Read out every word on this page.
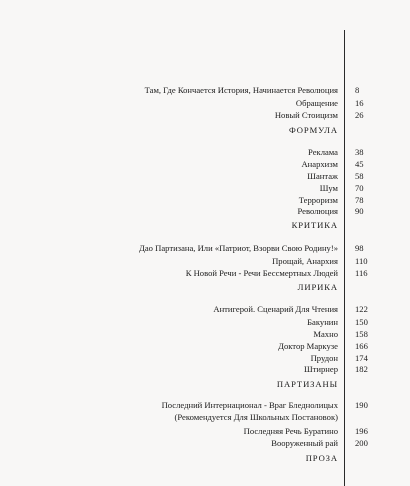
Там, Где Кончается История, Начинается Революция 8
Обращение 16
Новый Стоицизм 26
ФОРМУЛА
Реклама 38
Анархизм 45
Шантаж 58
Шум 70
Терроризм 78
Революция 90
КРИТИКА
Дао Партизана, Или «Патриот, Взорви Свою Родину!» 98
Прощай, Анархия 110
К Новой Речи - Речи Бессмертных Людей 116
ЛИРИКА
Антигерой. Сценарий Для Чтения 122
Бакунин 150
Махно 158
Доктор Маркузе 166
Прудон 174
Штирнер 182
ПАРТИЗАНЫ
Последний Интернационал - Враг Бледнолицых 190
(Рекомендуется Для Школьных Постановок)
Последняя Речь Буратино 196
Вооруженный рай 200
ПРОЗА
